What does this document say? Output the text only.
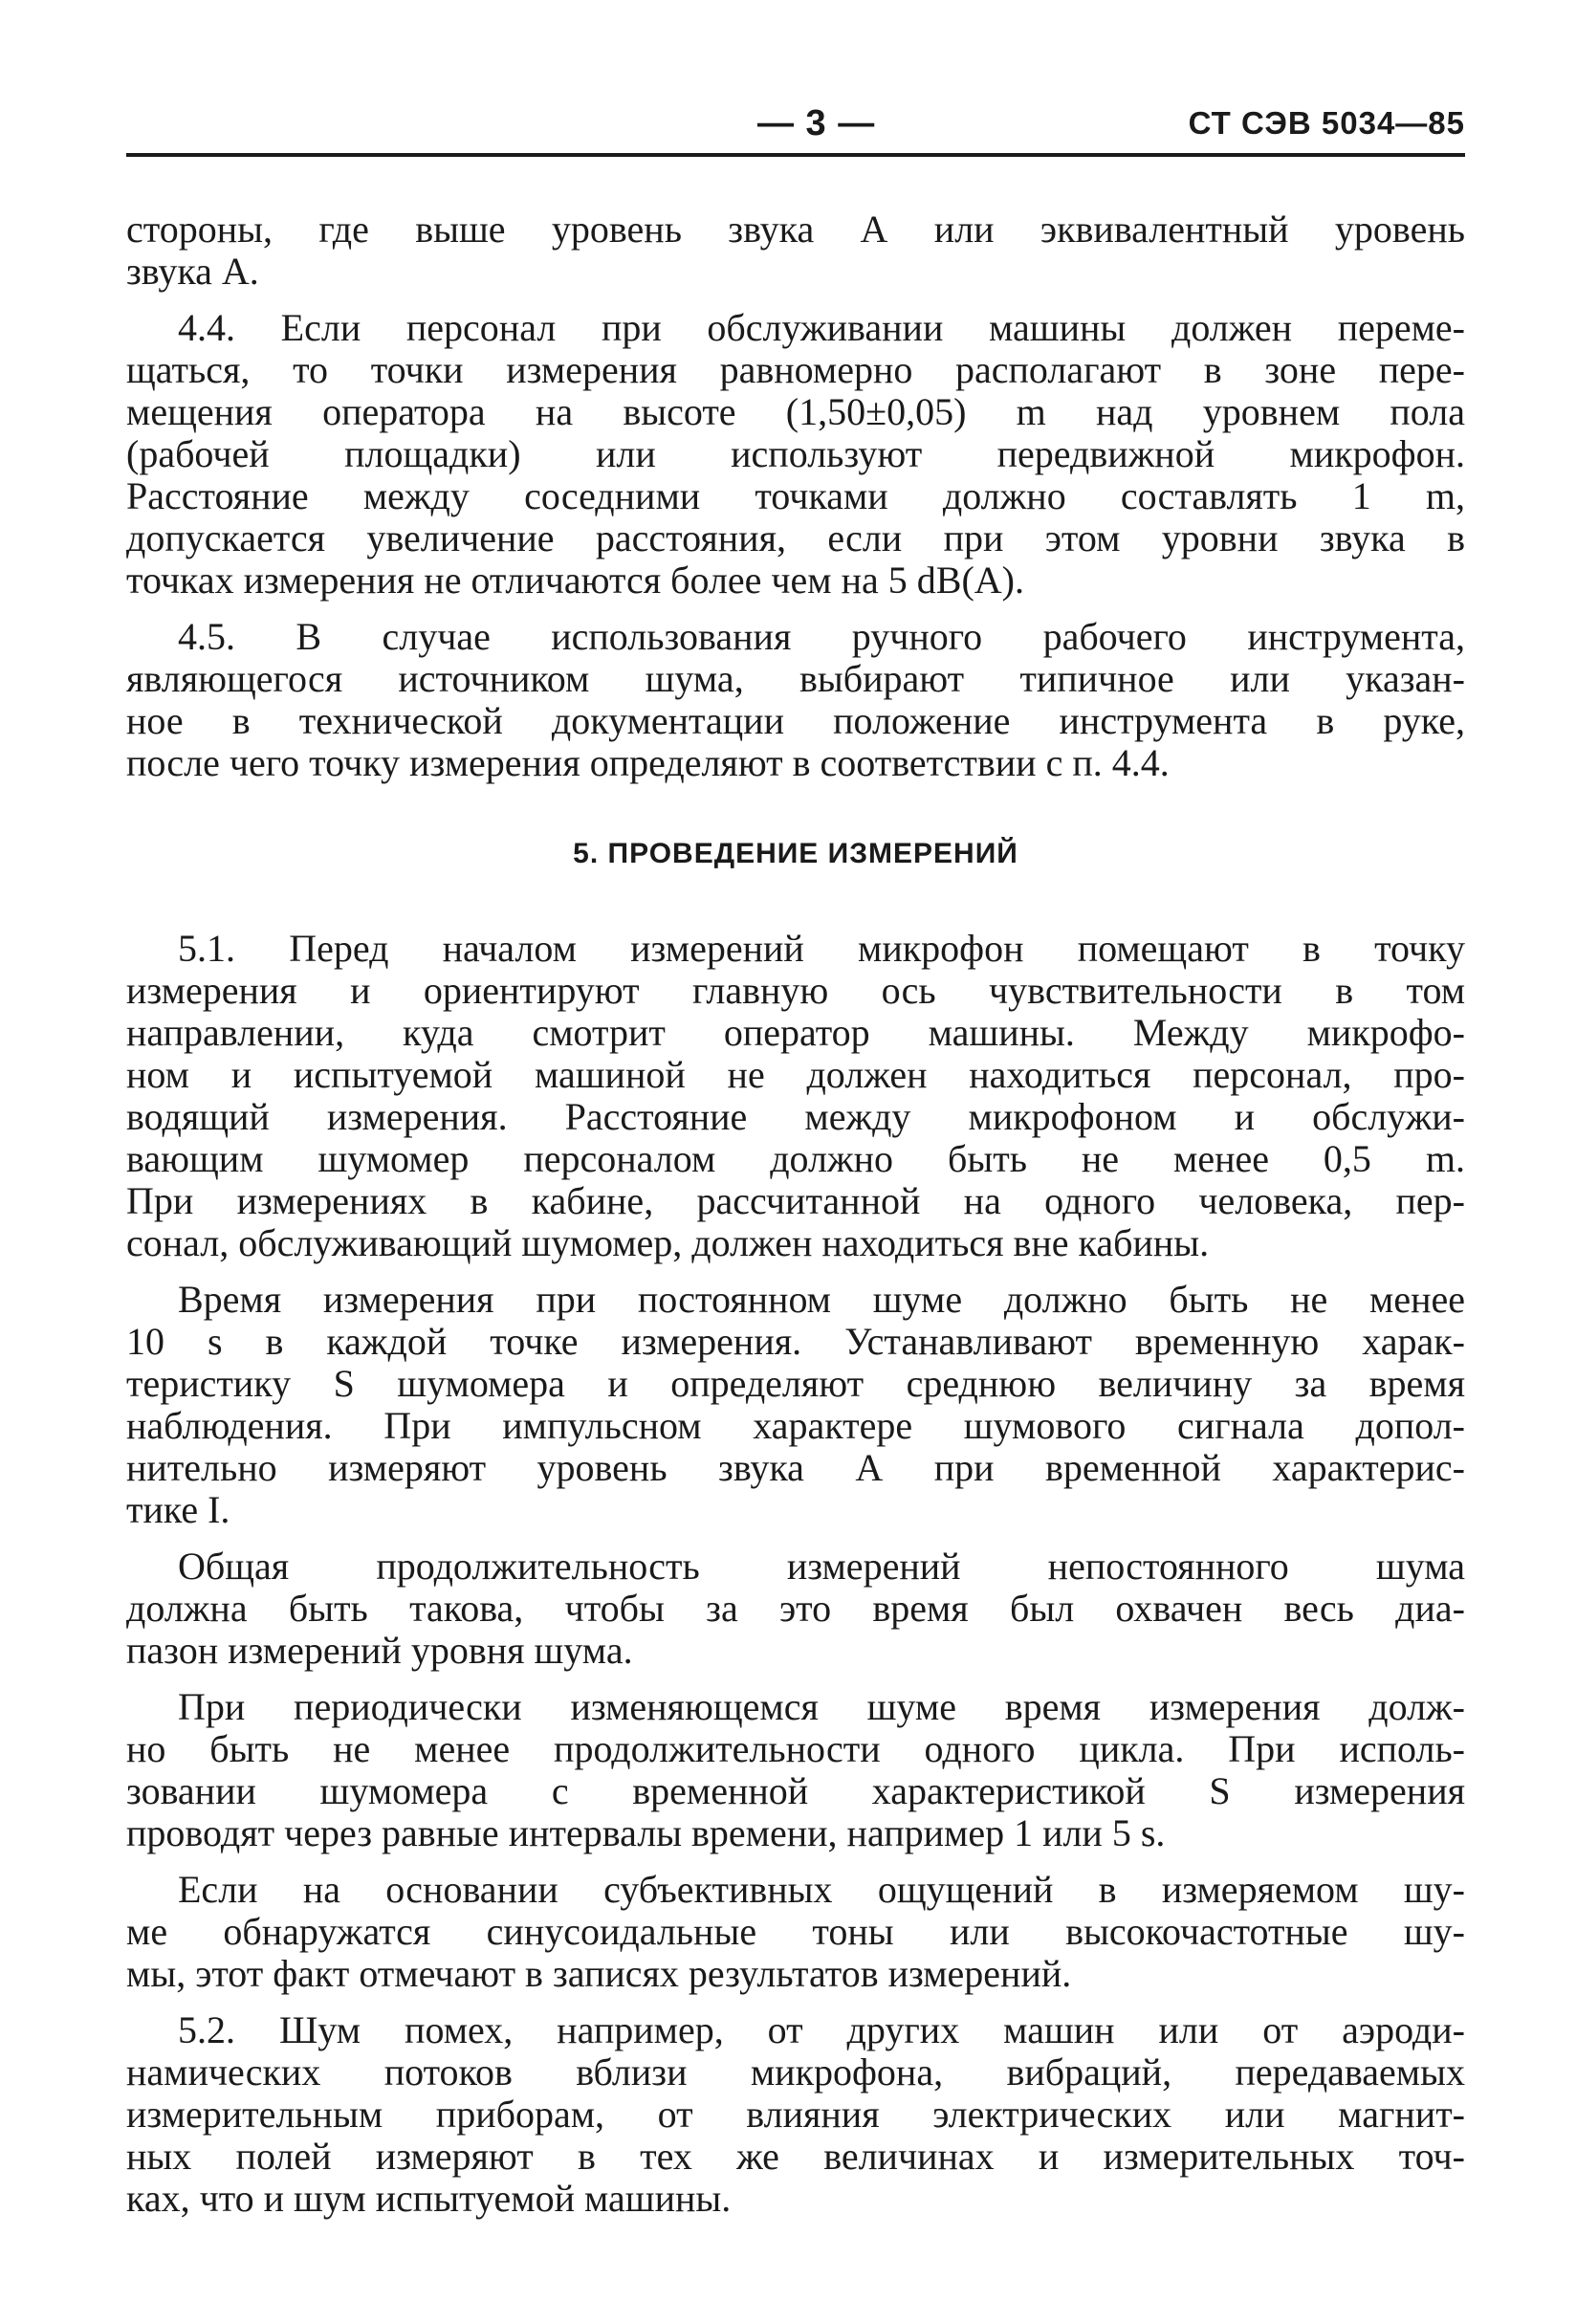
— 3 —	СТ СЭВ 5034—85
стороны, где выше уровень звука А или эквивалентный уровень
звука А.
4.4. Если персонал при обслуживании машины должен переме-
щаться, то точки измерения равномерно располагают в зоне пере-
мещения оператора на высоте (1,50±0,05) m над уровнем пола
(рабочей площадки) или используют передвижной микрофон.
Расстояние между соседними точками должно составлять 1 m,
допускается увеличение расстояния, если при этом уровни звука в
точках измерения не отличаются более чем на 5 dB(А).
4.5. В случае использования ручного рабочего инструмента,
являющегося источником шума, выбирают типичное или указан-
ное в технической документации положение инструмента в руке,
после чего точку измерения определяют в соответствии с п. 4.4.
5. ПРОВЕДЕНИЕ ИЗМЕРЕНИЙ
5.1. Перед началом измерений микрофон помещают в точку
измерения и ориентируют главную ось чувствительности в том
направлении, куда смотрит оператор машины. Между микрофо-
ном и испытуемой машиной не должен находиться персонал, про-
водящий измерения. Расстояние между микрофоном и обслужи-
вающим шумомер персоналом должно быть не менее 0,5 m.
При измерениях в кабине, рассчитанной на одного человека, пер-
сонал, обслуживающий шумомер, должен находиться вне кабины.
Время измерения при постоянном шуме должно быть не менее
10 s в каждой точке измерения. Устанавливают временную харак-
теристику S шумомера и определяют среднюю величину за время
наблюдения. При импульсном характере шумового сигнала допол-
нительно измеряют уровень звука А при временной характерис-
тике I.
Общая продолжительность измерений непостоянного шума
должна быть такова, чтобы за это время был охвачен весь диа-
пазон измерений уровня шума.
При периодически изменяющемся шуме время измерения долж-
но быть не менее продолжительности одного цикла. При исполь-
зовании шумомера с временной характеристикой S измерения
проводят через равные интервалы времени, например 1 или 5 s.
Если на основании субъективных ощущений в измеряемом шу-
ме обнаружатся синусоидальные тоны или высокочастотные шу-
мы, этот факт отмечают в записях результатов измерений.
5.2. Шум помех, например, от других машин или от аэроди-
намических потоков вблизи микрофона, вибраций, передаваемых
измерительным приборам, от влияния электрических или магнит-
ных полей измеряют в тех же величинах и измерительных точ-
ках, что и шум испытуемой машины.
